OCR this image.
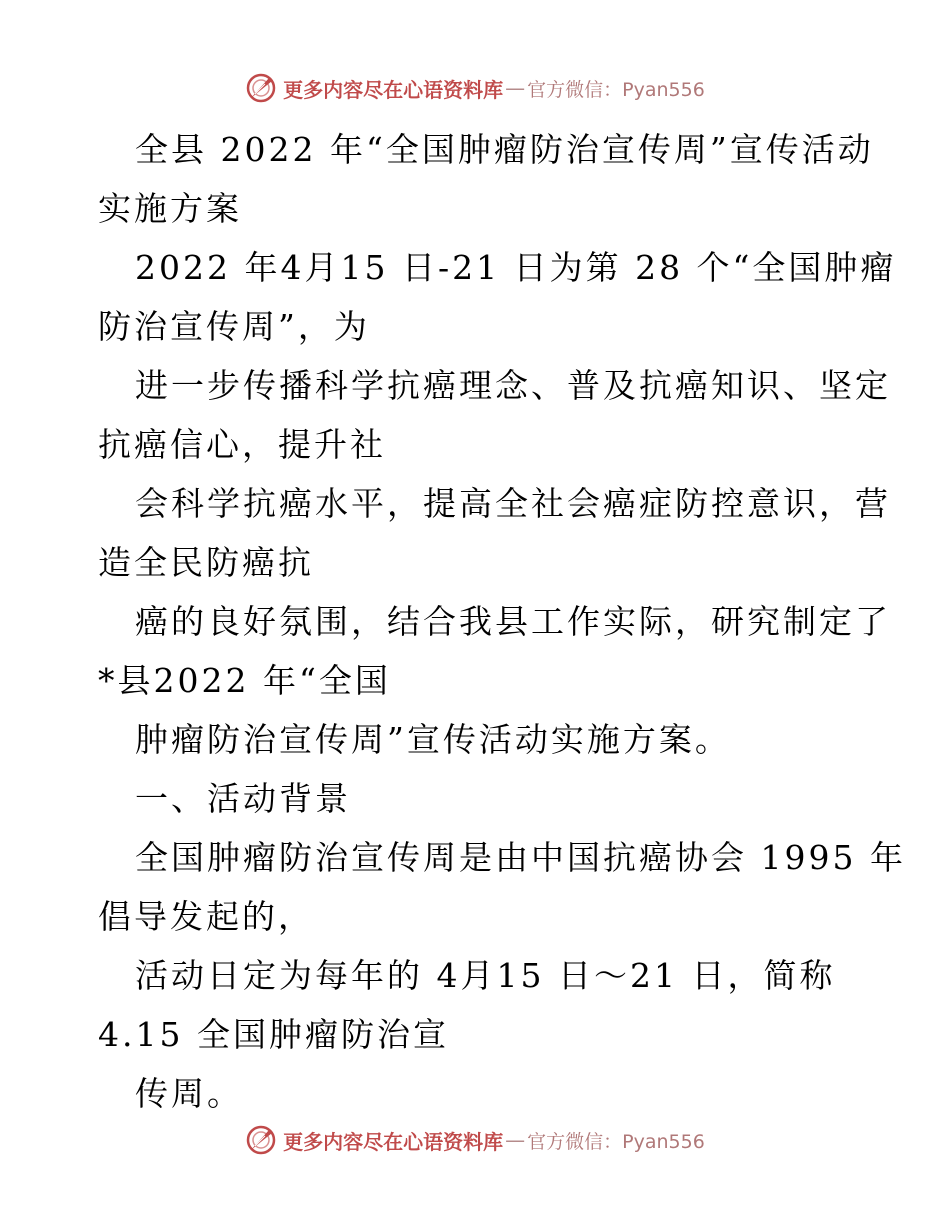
更多内容尽在心语资料库 — 官方微信：Pyan556
全县 2022 年“全国肿瘤防治宣传周”宣传活动
实施方案
2022 年4月15 日-21 日为第 28 个“全国肿瘤
防治宣传周”，为
进一步传播科学抗癌理念、普及抗癌知识、坚定
抗癌信心，提升社
会科学抗癌水平，提高全社会癌症防控意识，营
造全民防癌抗
癌的良好氛围，结合我县工作实际，研究制定了
*县2022 年“全国
肿瘤防治宣传周”宣传活动实施方案。
一、活动背景
全国肿瘤防治宣传周是由中国抗癌协会 1995 年
倡导发起的，
活动日定为每年的 4月15 日～21 日，简称
4.15 全国肿瘤防治宣
传周。
更多内容尽在心语资料库 — 官方微信：Pyan556
